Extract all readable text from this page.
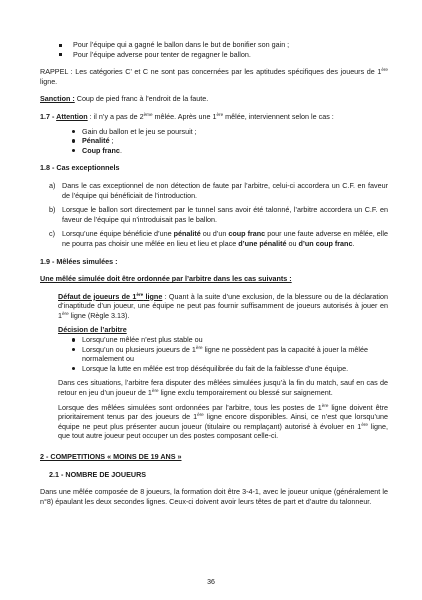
Pour l’équipe qui a gagné le ballon dans le but de bonifier son gain ;
Pour l’équipe adverse pour tenter de regagner le ballon.

RAPPEL : Les catégories C’ et C ne sont pas concernées par les aptitudes spécifiques des joueurs de 1ère ligne.

Sanction : Coup de pied franc à l’endroit de la faute.

1.7 - Attention : il n’y a pas de 2ème mêlée. Après une 1ère mêlée, interviennent selon le cas :

Gain du ballon et le jeu se poursuit ;
Pénalité ;
Coup franc.

1.8 - Cas exceptionnels

a) Dans le cas exceptionnel de non détection de faute par l’arbitre, celui-ci accordera un C.F. en faveur de l’équipe qui bénéficiait de l’introduction.
b) Lorsque le ballon sort directement par le tunnel sans avoir été talonné, l’arbitre accordera un C.F. en faveur de l’équipe qui n’introduisait pas le ballon.
c) Lorsqu’une équipe bénéficie d’une pénalité ou d’un coup franc pour une faute adverse en mêlée, elle ne pourra pas choisir une mêlée en lieu et lieu et place d’une pénalité ou d’un coup franc.

1.9 - Mêlées simulées :

Une mêlée simulée doit être ordonnée par l’arbitre dans les cas suivants :

Défaut de joueurs de 1ère ligne : Quant à la suite d’une exclusion, de la blessure ou de la déclaration d’inaptitude d’un joueur, une équipe ne peut pas fournir suffisamment de joueurs autorisés à jouer en 1ère ligne (Règle 3.13).

Décision de l’arbitre

Lorsqu’une mêlée n’est plus stable ou
Lorsqu’un ou plusieurs joueurs de 1ère ligne ne possèdent pas la capacité à jouer la mêlée normalement ou
Lorsque la lutte en mêlée est trop déséquilibrée du fait de la faiblesse d’une équipe.

Dans ces situations, l’arbitre fera disputer des mêlées simulées jusqu’à la fin du match, sauf en cas de retour en jeu d’un joueur de 1ère ligne exclu temporairement ou blessé sur saignement.

Lorsque des mêlées simulées sont ordonnées par l’arbitre, tous les postes de 1ère ligne doivent être prioritairement tenus par des joueurs de 1ère ligne encore disponibles. Ainsi, ce n’est que lorsqu’une équipe ne peut plus présenter aucun joueur (titulaire ou remplaçant) autorisé à évoluer en 1ère ligne, que tout autre joueur peut occuper un des postes composant celle-ci.

2 - COMPETITIONS « MOINS DE 19 ANS »

2.1 - NOMBRE DE JOUEURS

Dans une mêlée composée de 8 joueurs, la formation doit être 3-4-1, avec le joueur unique (généralement le n°8) épaulant les deux secondes lignes. Ceux-ci doivent avoir leurs têtes de part et d’autre du talonneur.

36
